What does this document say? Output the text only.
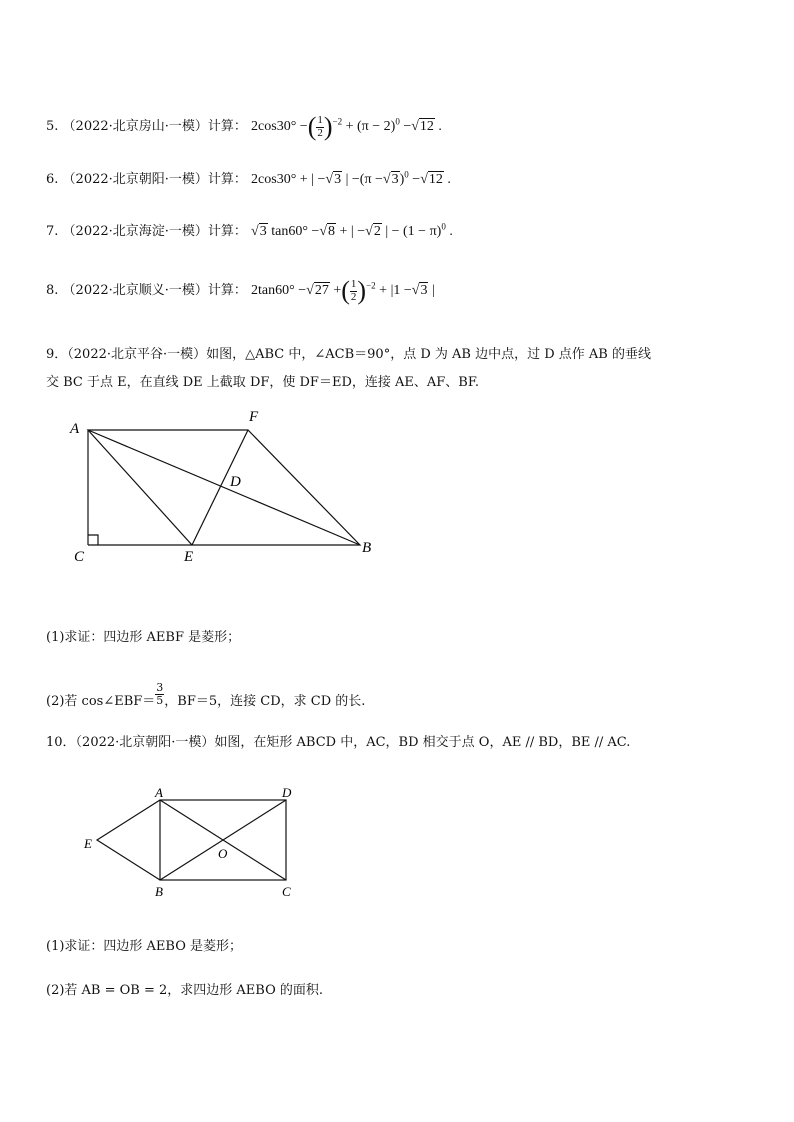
5. （2022·北京房山·一模）计算： 2cos30° −( $\frac{1}{2} )^{-2} + (\pi - 2)^0 -√12$ .
6. （2022·北京朝阳·一模）计算： 2cos30° + | −√3 | $-(\pi -√3)^0 -√12$ .
7. （2022·北京海淀·一模）计算： √3 tan60° −√8 + | −√2 | − $(1 - \pi)^0$ .
8. （2022·北京顺义·一模）计算： 2tan60° −√27 +( $\frac{1}{2} )^{-2} + |1 -√3$ |
9．（2022·北京平谷·一模）如图，△ABC 中，∠ACB＝90°，点 D 为 AB 边中点，过 D 点作 AB 的垂线
交 BC 于点 E，在直线 DE 上截取 DF，使 DF＝ED，连接 AE、AF、BF.
A
F
D
C	E
B
(1)求证：四边形 AEBF 是菱形；
(2)若 cos∠EBF＝ $\frac{3}{5}$ ，BF＝5，连接 CD，求 CD 的长.
10．（2022·北京朝阳·一模）如图，在矩形 ABCD 中，AC，BD 相交于点 O，AE // BD，BE // AC.
A	D
E
O
B	C
(1)求证：四边形 AEBO 是菱形；
(2)若 AB = OB = 2，求四边形 AEBO 的面积.
